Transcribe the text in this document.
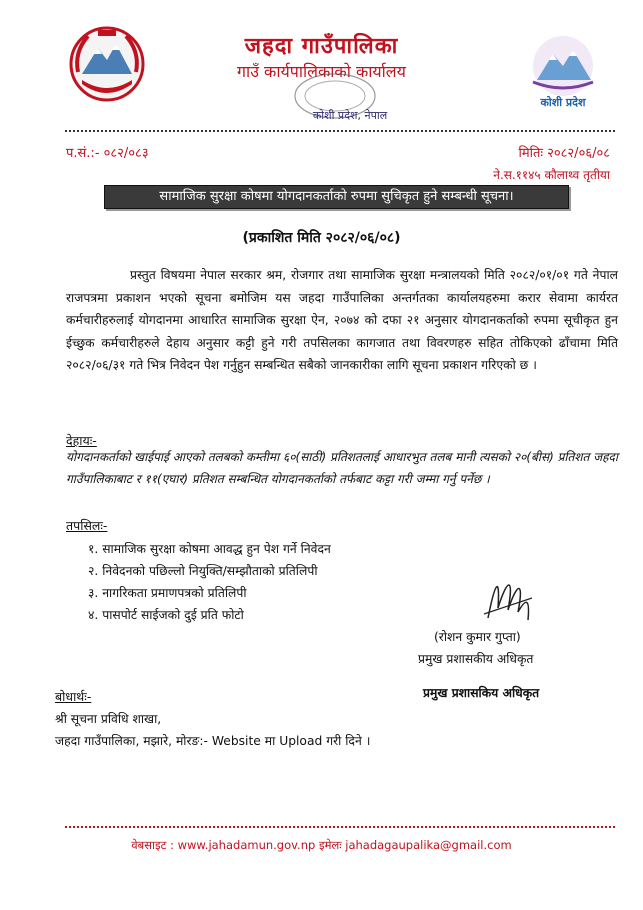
जहदा गाउँपालिका
गाउँ कार्यपालिकाको कार्यालय
कोशी प्रदेश, नेपाल
कोशी प्रदेश
प.सं.:- ०८२/०८३	मितिः २०८२/०६/०८
ने.स.११४५ कौलाथ्व तृतीया
सामाजिक सुरक्षा कोषमा योगदानकर्ताको रुपमा सुचिकृत हुने सम्बन्धी सूचना।
(प्रकाशित मिति २०८२/०६/०८)
प्रस्तुत विषयमा नेपाल सरकार श्रम, रोजगार तथा सामाजिक सुरक्षा मन्त्रालयको मिति २०८२/०१/०१ गते नेपाल राजपत्रमा प्रकाशन भएको सूचना बमोजिम यस जहदा गाउँपालिका अन्तर्गतका कार्यालयहरुमा करार सेवामा कार्यरत कर्मचारीहरुलाई योगदानमा आधारित सामाजिक सुरक्षा ऐन, २०७४ को दफा २१ अनुसार योगदानकर्ताको रुपमा सूचीकृत हुन ईच्छुक कर्मचारीहरुले देहाय अनुसार कट्टी हुने गरी तपसिलका कागजात तथा विवरणहरु सहित तोकिएको ढाँचामा मिति २०८२/०६/३१ गते भित्र निवेदन पेश गर्नुहुन सम्बन्धित सबैको जानकारीका लागि सूचना प्रकाशन गरिएको छ ।
देहायः-
योगदानकर्ताको खाईपाई आएको तलबको कम्तीमा ६०(साठी) प्रतिशतलाई आधारभुत तलब मानी त्यसको २०(बीस) प्रतिशत जहदा गाउँपालिकाबाट र ११(एघार) प्रतिशत सम्बन्धित योगदानकर्ताको तर्फबाट कट्टा गरी जम्मा गर्नु पर्नेछ ।
तपसिलः-
१. सामाजिक सुरक्षा कोषमा आवद्ध हुन पेश गर्ने निवेदन
२. निवेदनको पछिल्लो नियुक्ति/सम्झौताको प्रतिलिपी
३. नागरिकता प्रमाणपत्रको प्रतिलिपी
४. पासपोर्ट साईजको दुई प्रति फोटो
(रोशन कुमार गुप्ता)
प्रमुख प्रशासकीय अधिकृत
प्रमुख प्रशासकिय अधिकृत
बोधार्थः-
श्री सूचना प्रविधि शाखा,
जहदा गाउँपालिका, मझारे, मोरङ:- Website मा Upload गरी दिने ।
वेबसाइट : www.jahadamun.gov.np इमेलः jahadagaupalika@gmail.com
